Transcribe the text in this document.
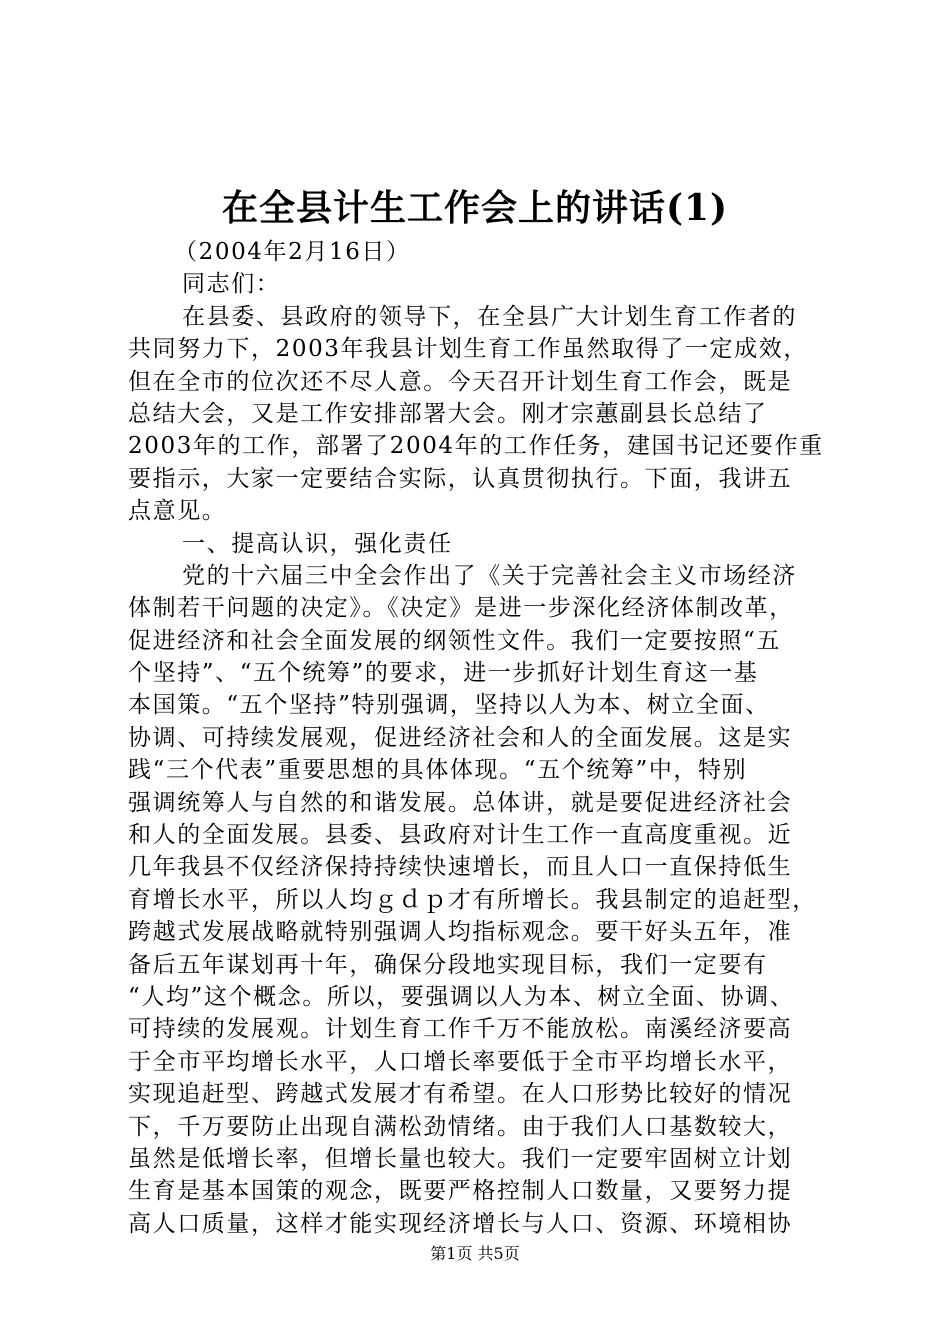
在全县计生工作会上的讲话(1)
（2004年2月16日）
同志们：
在县委、县政府的领导下，在全县广大计划生育工作者的
共同努力下，2003年我县计划生育工作虽然取得了一定成效，
但在全市的位次还不尽人意。今天召开计划生育工作会，既是
总结大会，又是工作安排部署大会。刚才宗蕙副县长总结了
2003年的工作，部署了2004年的工作任务，建国书记还要作重
要指示，大家一定要结合实际，认真贯彻执行。下面，我讲五
点意见。
一、提高认识，强化责任
党的十六届三中全会作出了《关于完善社会主义市场经济
体制若干问题的决定》。《决定》是进一步深化经济体制改革，
促进经济和社会全面发展的纲领性文件。我们一定要按照“五
个坚持”、“五个统筹”的要求，进一步抓好计划生育这一基
本国策。“五个坚持”特别强调，坚持以人为本、树立全面、
协调、可持续发展观，促进经济社会和人的全面发展。这是实
践“三个代表”重要思想的具体体现。“五个统筹”中，特别
强调统筹人与自然的和谐发展。总体讲，就是要促进经济社会
和人的全面发展。县委、县政府对计生工作一直高度重视。近
几年我县不仅经济保持持续快速增长，而且人口一直保持低生
育增长水平，所以人均ｇｄｐ才有所增长。我县制定的追赶型，
跨越式发展战略就特别强调人均指标观念。要干好头五年，准
备后五年谋划再十年，确保分段地实现目标，我们一定要有
“人均”这个概念。所以，要强调以人为本、树立全面、协调、
可持续的发展观。计划生育工作千万不能放松。南溪经济要高
于全市平均增长水平，人口增长率要低于全市平均增长水平，
实现追赶型、跨越式发展才有希望。在人口形势比较好的情况
下，千万要防止出现自满松劲情绪。由于我们人口基数较大，
虽然是低增长率，但增长量也较大。我们一定要牢固树立计划
生育是基本国策的观念，既要严格控制人口数量，又要努力提
高人口质量，这样才能实现经济增长与人口、资源、环境相协
第1页 共5页
